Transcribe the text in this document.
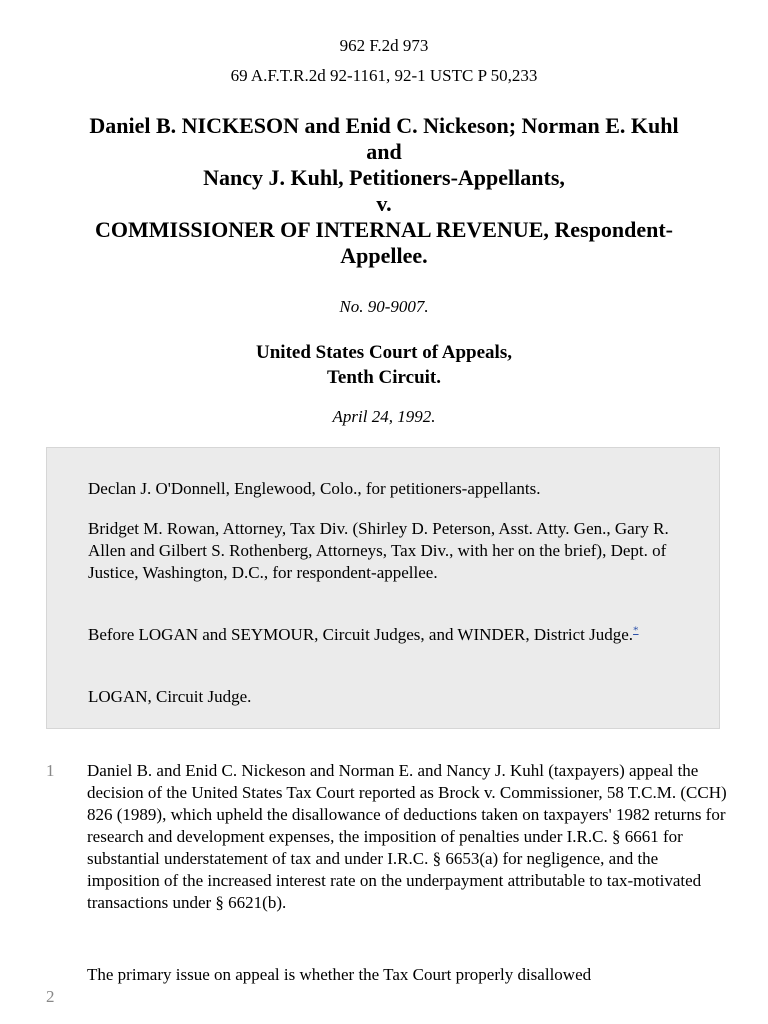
962 F.2d 973
69 A.F.T.R.2d 92-1161, 92-1 USTC P 50,233
Daniel B. NICKESON and Enid C. Nickeson; Norman E. Kuhl
and
Nancy J. Kuhl, Petitioners-Appellants,
v.
COMMISSIONER OF INTERNAL REVENUE, Respondent-
Appellee.
No. 90-9007.
United States Court of Appeals,
Tenth Circuit.
April 24, 1992.

Declan J. O'Donnell, Englewood, Colo., for petitioners-appellants.

Bridget M. Rowan, Attorney, Tax Div. (Shirley D. Peterson, Asst. Atty. Gen., Gary R. Allen and Gilbert S. Rothenberg, Attorneys, Tax Div., with her on the brief), Dept. of Justice, Washington, D.C., for respondent-appellee.

Before LOGAN and SEYMOUR, Circuit Judges, and WINDER, District Judge.*

LOGAN, Circuit Judge.

1 Daniel B. and Enid C. Nickeson and Norman E. and Nancy J. Kuhl (taxpayers) appeal the decision of the United States Tax Court reported as Brock v. Commissioner, 58 T.C.M. (CCH) 826 (1989), which upheld the disallowance of deductions taken on taxpayers' 1982 returns for research and development expenses, the imposition of penalties under I.R.C. § 6661 for substantial understatement of tax and under I.R.C. § 6653(a) for negligence, and the imposition of the increased interest rate on the underpayment attributable to tax-motivated transactions under § 6621(b).

2

The primary issue on appeal is whether the Tax Court properly disallowed
